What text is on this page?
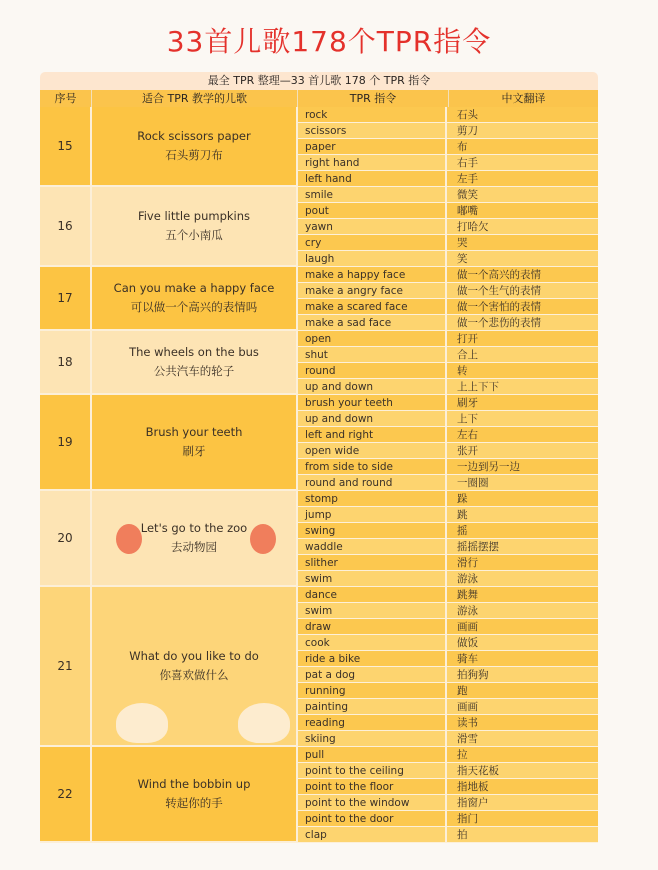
33首儿歌178个TPR指令
最全 TPR 整理—33 首儿歌 178 个 TPR 指令
序号	适合 TPR 教学的儿歌	TPR 指令	中文翻译
15
Rock scissors paper
石头剪刀布
rock	石头
scissors	剪刀
paper	布
right hand	右手
left hand	左手
16
Five little pumpkins
五个小南瓜
smile	微笑
pout	嘟嘴
yawn	打哈欠
cry	哭
laugh	笑
17
Can you make a happy face
可以做一个高兴的表情吗
make a happy face	做一个高兴的表情
make a angry face	做一个生气的表情
make a scared face	做一个害怕的表情
make a sad face	做一个悲伤的表情
18
The wheels on the bus
公共汽车的轮子
open	打开
shut	合上
round	转
up and down	上上下下
19
Brush your teeth
刷牙
brush your teeth	刷牙
up and down	上下
left and right	左右
open wide	张开
from side to side	一边到另一边
round and round	一圈圈
20
Let's go to the zoo
去动物园
stomp	跺
jump	跳
swing	摇
waddle	摇摇摆摆
slither	滑行
swim	游泳
21
What do you like to do
你喜欢做什么
dance	跳舞
swim	游泳
draw	画画
cook	做饭
ride a bike	骑车
pat a dog	拍狗狗
running	跑
painting	画画
reading	读书
skiing	滑雪
22
Wind the bobbin up
转起你的手
pull	拉
point to the ceiling	指天花板
point to the floor	指地板
point to the window	指窗户
point to the door	指门
clap	拍
